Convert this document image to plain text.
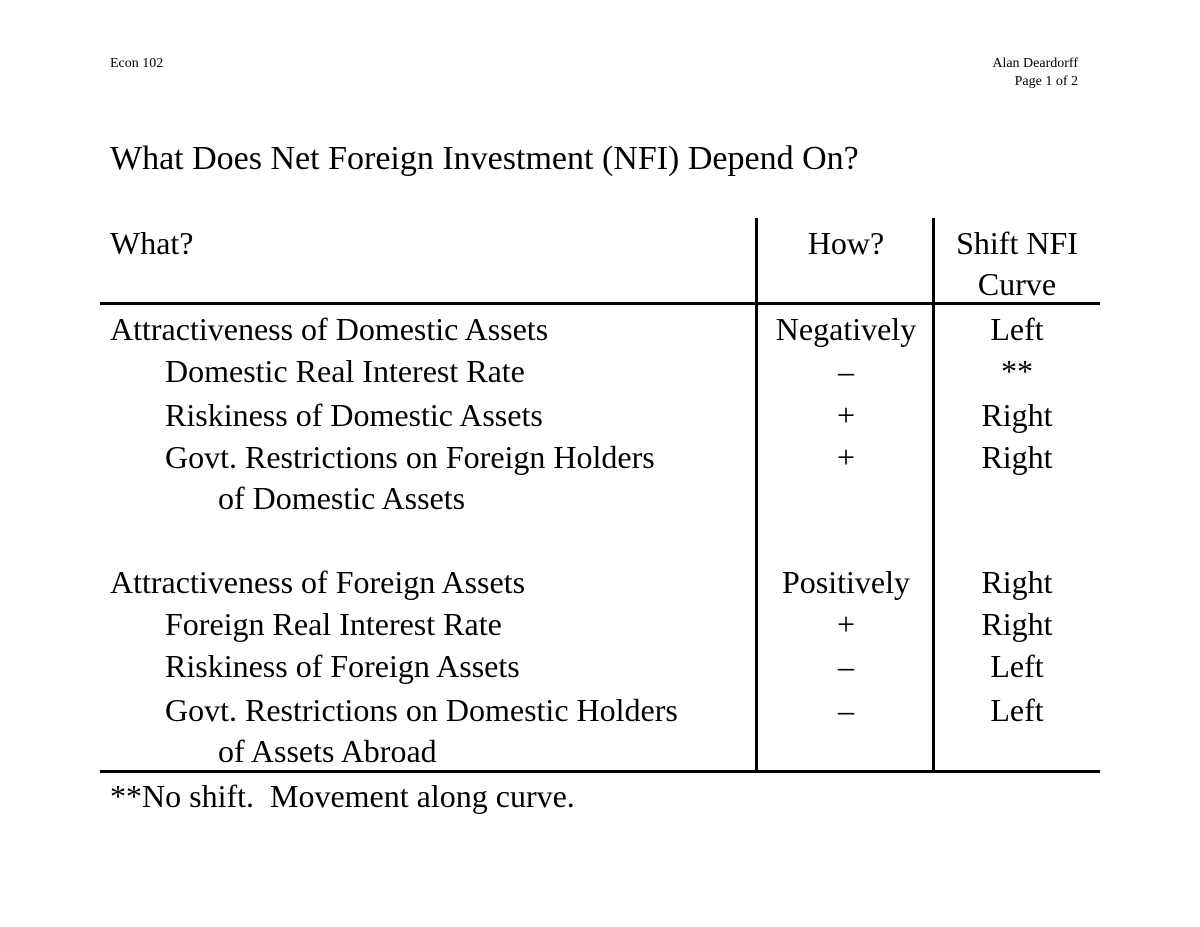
Econ 102	Alan Deardorff
Page 1 of 2
What Does Net Foreign Investment (NFI) Depend On?
What?	How?	Shift NFI
Curve
Attractiveness of Domestic Assets	Negatively	Left
Domestic Real Interest Rate	–	**
Riskiness of Domestic Assets	+	Right
Govt. Restrictions on Foreign Holders
of Domestic Assets
+	Right
Attractiveness of Foreign Assets	Positively	Right
Foreign Real Interest Rate	+	Right
Riskiness of Foreign Assets	–	Left
Govt. Restrictions on Domestic Holders
of Assets Abroad
–	Left
**No shift.  Movement along curve.
